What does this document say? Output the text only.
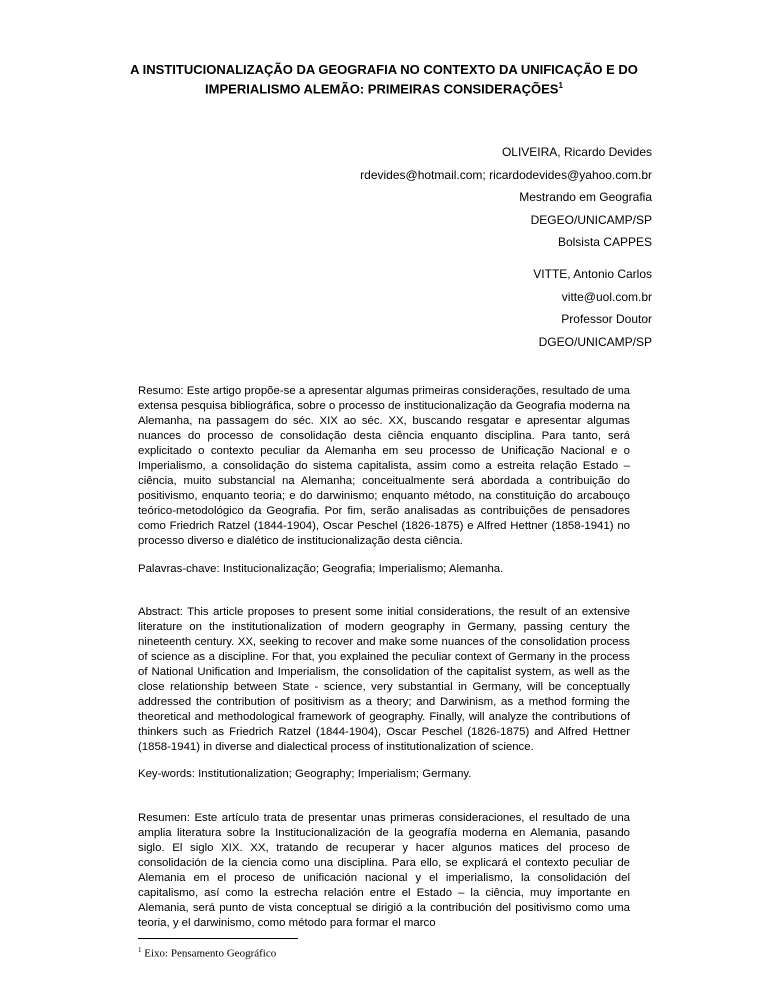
A INSTITUCIONALIZAÇÃO DA GEOGRAFIA NO CONTEXTO DA UNIFICAÇÃO E DO
IMPERIALISMO ALEMÃO: PRIMEIRAS CONSIDERAÇÕES$^1$
OLIVEIRA, Ricardo Devides
rdevides@hotmail.com; ricardodevides@yahoo.com.br
Mestrando em Geografia
DEGEO/UNICAMP/SP
Bolsista CAPPES
VITTE, Antonio Carlos
vitte@uol.com.br
Professor Doutor
DGEO/UNICAMP/SP

Resumo: Este artigo propõe-se a apresentar algumas primeiras considerações, resultado de uma extensa pesquisa bibliográfica, sobre o processo de institucionalização da Geografia moderna na Alemanha, na passagem do séc. XIX ao séc. XX, buscando resgatar e apresentar algumas nuances do processo de consolidação desta ciência enquanto disciplina. Para tanto, será explicitado o contexto peculiar da Alemanha em seu processo de Unificação Nacional e o Imperialismo, a consolidação do sistema capitalista, assim como a estreita relação Estado – ciência, muito substancial na Alemanha; conceitualmente será abordada a contribuição do positivismo, enquanto teoria; e do darwinismo; enquanto método, na constituição do arcabouço teórico-metodológico da Geografia. Por fim, serão analisadas as contribuições de pensadores como Friedrich Ratzel (1844-1904), Oscar Peschel (1826-1875) e Alfred Hettner (1858-1941) no processo diverso e dialético de institucionalização desta ciência.

Palavras-chave: Institucionalização; Geografia; Imperialismo; Alemanha.

Abstract: This article proposes to present some initial considerations, the result of an extensive literature on the institutionalization of modern geography in Germany, passing century the nineteenth century. XX, seeking to recover and make some nuances of the consolidation process of science as a discipline. For that, you explained the peculiar context of Germany in the process of National Unification and Imperialism, the consolidation of the capitalist system, as well as the close relationship between State - science, very substantial in Germany, will be conceptually addressed the contribution of positivism as a theory; and Darwinism, as a method forming the theoretical and methodological framework of geography. Finally, will analyze the contributions of thinkers such as Friedrich Ratzel (1844-1904), Oscar Peschel (1826-1875) and Alfred Hettner (1858-1941) in diverse and dialectical process of institutionalization of science.

Key-words: Institutionalization; Geography; Imperialism; Germany.

Resumen: Este artículo trata de presentar unas primeras consideraciones, el resultado de una amplia literatura sobre la Institucionalización de la geografía moderna en Alemania, pasando siglo. El siglo XIX. XX, tratando de recuperar y hacer algunos matices del proceso de consolidación de la ciencia como una disciplina. Para ello, se explicará el contexto peculiar de Alemania em el proceso de unificación nacional y el imperialismo, la consolidación del capitalismo, así como la estrecha relación entre el Estado – la ciência, muy importante en Alemania, será punto de vista conceptual se dirigió a la contribución del positivismo como uma teoria, y el darwinismo, como método para formar el marco

$^1$ Eixo: Pensamento Geográfico
